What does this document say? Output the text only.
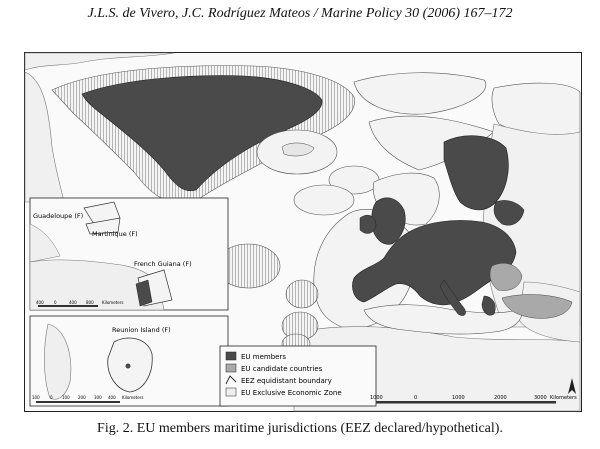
J.L.S. de Vivero, J.C. Rodríguez Mateos / Marine Policy 30 (2006) 167–172
Guadeloupe (F)
Martinique (F)
French Guiana (F)
400	0	400 800 Kilometers
Reunion Island (F)
100	0 100 200 300 400 Kilometers
EU members
EU candidate countries
EEZ equidistant boundary
EU Exclusive Economic Zone
1000	0	1000	2000	3000 Kilometers
Fig. 2. EU members maritime jurisdictions (EEZ declared/hypothetical).
